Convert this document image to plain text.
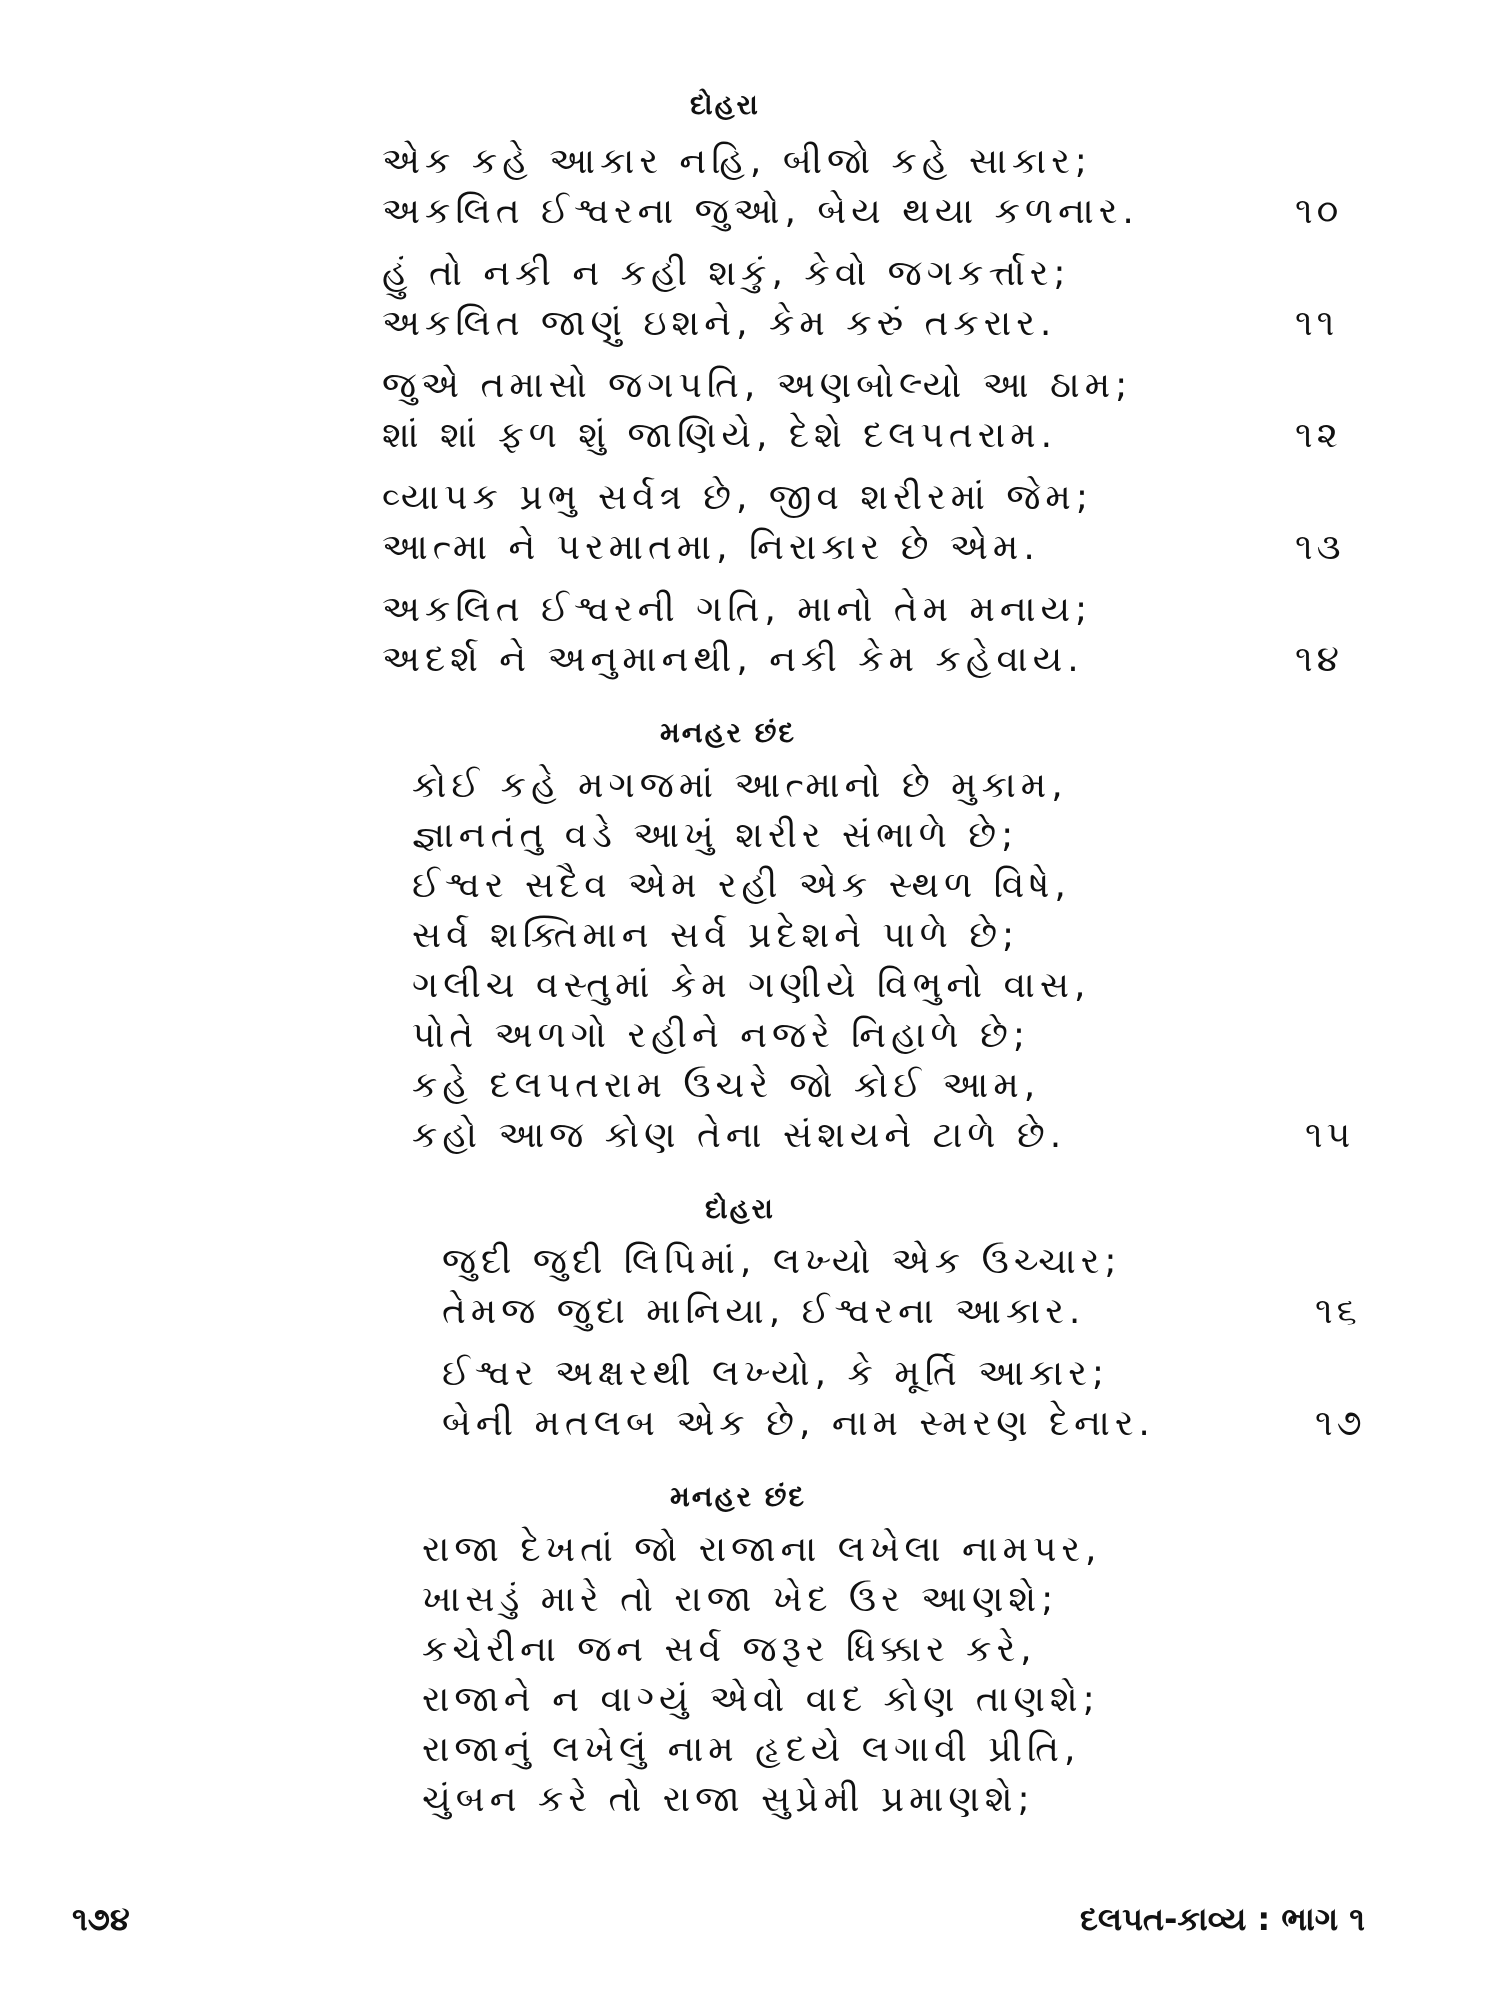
દોહરા
એક કહે આકાર નહિ, બીજો કહે સાકાર;
અકલિત ઈશ્વરના જુઓ, બેય થયા કળનાર.	૧૦
હું તો નકી ન કહી શકું, કેવો જગકર્ત્તાર;
અકલિત જાણું ઇશને, કેમ કરું તકરાર.	૧૧
જુએ તમાસો જગપતિ, અણબોલ્યો આ ઠામ;
શાં શાં ફળ શું જાણિયે, દેશે દલપતરામ.	૧૨
વ્યાપક પ્રભુ સર્વત્ર છે, જીવ શરીરમાં જેમ;
આત્મા ને પરમાતમા, નિરાકાર છે એમ.	૧૩
અકલિત ઈશ્વરની ગતિ, માનો તેમ મનાય;
અદર્શ ને અનુમાનથી, નકી કેમ કહેવાય.	૧૪
મનહર છંદ
કોઈ કહે મગજમાં આત્માનો છે મુકામ,
જ્ઞાનતંતુ વડે આખું શરીર સંભાળે છે;
ઈશ્વર સદૈવ એમ રહી એક સ્થળ વિષે,
સર્વ શક્તિમાન સર્વ પ્રદેશને પાળે છે;
ગલીચ વસ્તુમાં કેમ ગણીયે વિભુનો વાસ,
પોતે અળગો રહીને નજરે નિહાળે છે;
કહે દલપતરામ ઉચરે જો કોઈ આમ,
કહો આજ કોણ તેના સંશયને ટાળે છે.	૧૫
દોહરા
જુદી જુદી લિપિમાં, લખ્યો એક ઉચ્ચાર;
તેમજ જુદા માનિયા, ઈશ્વરના આકાર.	૧૬
ઈશ્વર અક્ષરથી લખ્યો, કે મૂર્તિ આકાર;
બેની મતલબ એક છે, નામ સ્મરણ દેનાર.	૧૭
મનહર છંદ
રાજા દેખતાં જો રાજાના લખેલા નામપર,
ખાસડું મારે તો રાજા ખેદ ઉર આણશે;
કચેરીના જન સર્વ જરૂર ધિક્કાર કરે,
રાજાને ન વાગ્યું એવો વાદ કોણ તાણશે;
રાજાનું લખેલું નામ હૃદયે લગાવી પ્રીતિ,
ચુંબન કરે તો રાજા સુપ્રેમી પ્રમાણશે;
૧૭૪	દલપત-કાવ્ય : ભાગ ૧
